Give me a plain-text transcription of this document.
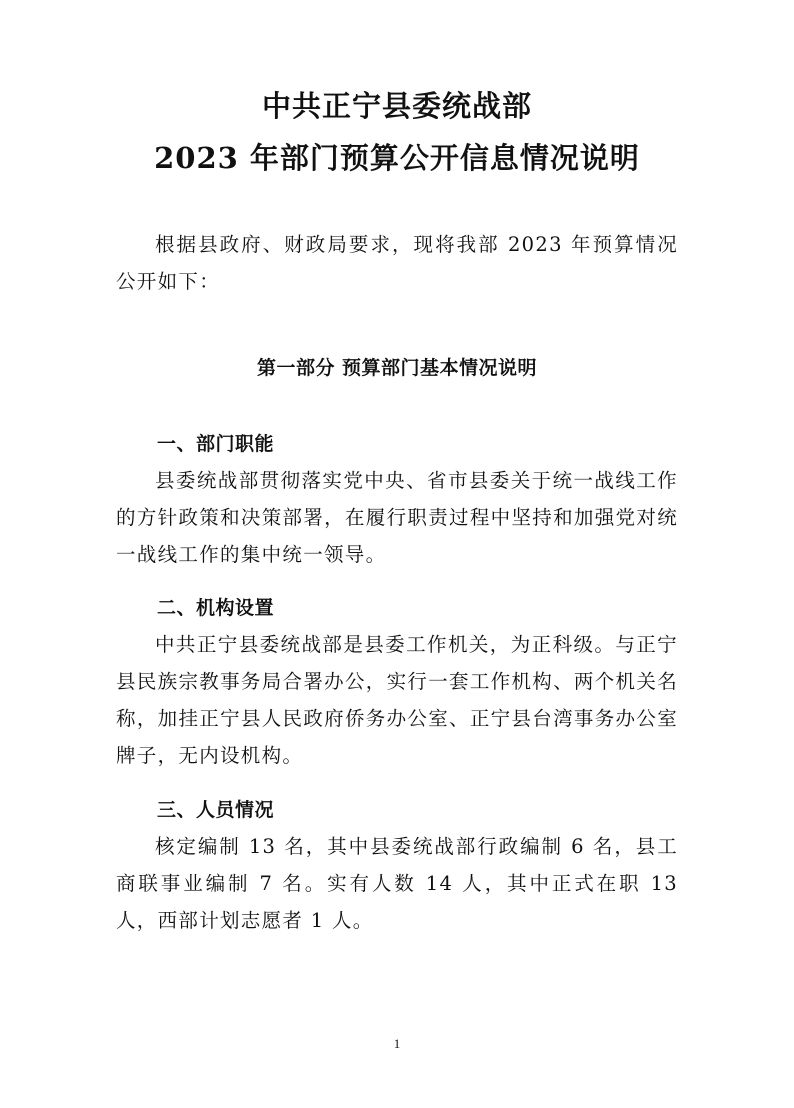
中共正宁县委统战部
2023 年部门预算公开信息情况说明

根据县政府、财政局要求，现将我部 2023 年预算情况公开如下：

第一部分 预算部门基本情况说明
一、部门职能

县委统战部贯彻落实党中央、省市县委关于统一战线工作的方针政策和决策部署，在履行职责过程中坚持和加强党对统一战线工作的集中统一领导。

二、机构设置

中共正宁县委统战部是县委工作机关，为正科级。与正宁县民族宗教事务局合署办公，实行一套工作机构、两个机关名称，加挂正宁县人民政府侨务办公室、正宁县台湾事务办公室牌子，无内设机构。

三、人员情况

核定编制 13 名，其中县委统战部行政编制 6 名，县工商联事业编制 7 名。实有人数 14 人，其中正式在职 13 人，西部计划志愿者 1 人。

1
